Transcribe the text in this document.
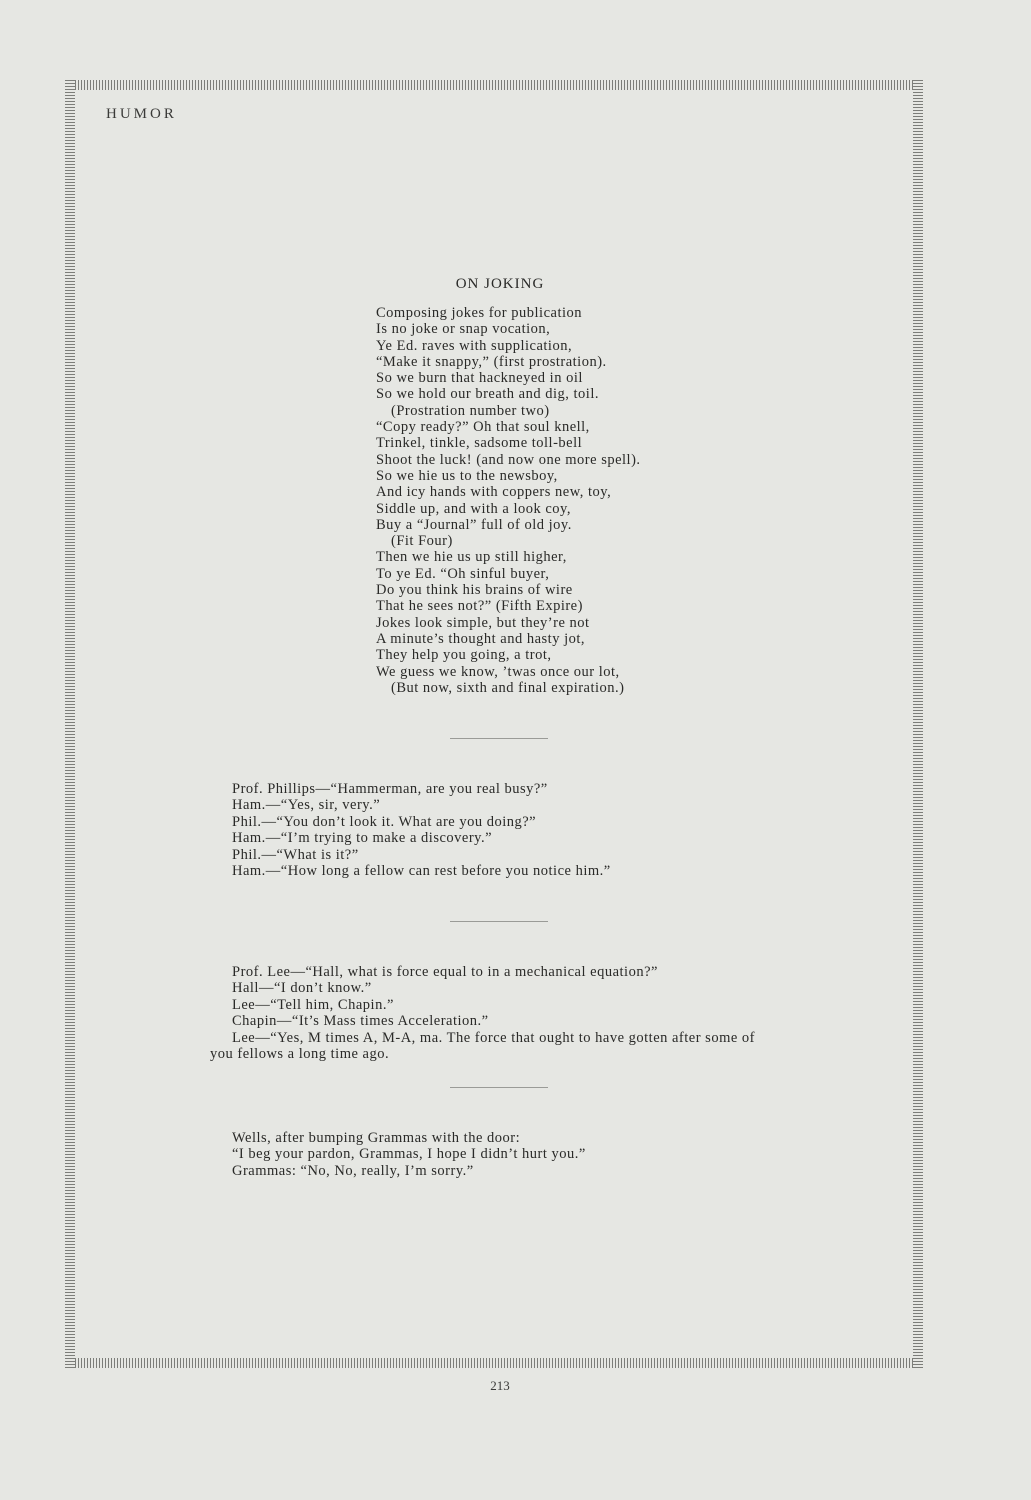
HUMOR
ON JOKING
Composing jokes for publication
Is no joke or snap vocation,
Ye Ed. raves with supplication,
“Make it snappy,” (first prostration).
So we burn that hackneyed in oil
So we hold our breath and dig, toil.
(Prostration number two)
“Copy ready?” Oh that soul knell,
Trinkel, tinkle, sadsome toll-bell
Shoot the luck! (and now one more spell).
So we hie us to the newsboy,
And icy hands with coppers new, toy,
Siddle up, and with a look coy,
Buy a “Journal” full of old joy.
(Fit Four)
Then we hie us up still higher,
To ye Ed. “Oh sinful buyer,
Do you think his brains of wire
That he sees not?” (Fifth Expire)
Jokes look simple, but they’re not
A minute’s thought and hasty jot,
They help you going, a trot,
We guess we know, ’twas once our lot,
(But now, sixth and final expiration.)
Prof. Phillips—“Hammerman, are you real busy?”
Ham.—“Yes, sir, very.”
Phil.—“You don’t look it. What are you doing?”
Ham.—“I’m trying to make a discovery.”
Phil.—“What is it?”
Ham.—“How long a fellow can rest before you notice him.”
Prof. Lee—“Hall, what is force equal to in a mechanical equation?”
Hall—“I don’t know.”
Lee—“Tell him, Chapin.”
Chapin—“It’s Mass times Acceleration.”
Lee—“Yes, M times A, M-A, ma. The force that ought to have gotten after some of
you fellows a long time ago.
Wells, after bumping Grammas with the door:
“I beg your pardon, Grammas, I hope I didn’t hurt you.”
Grammas: “No, No, really, I’m sorry.”
213
